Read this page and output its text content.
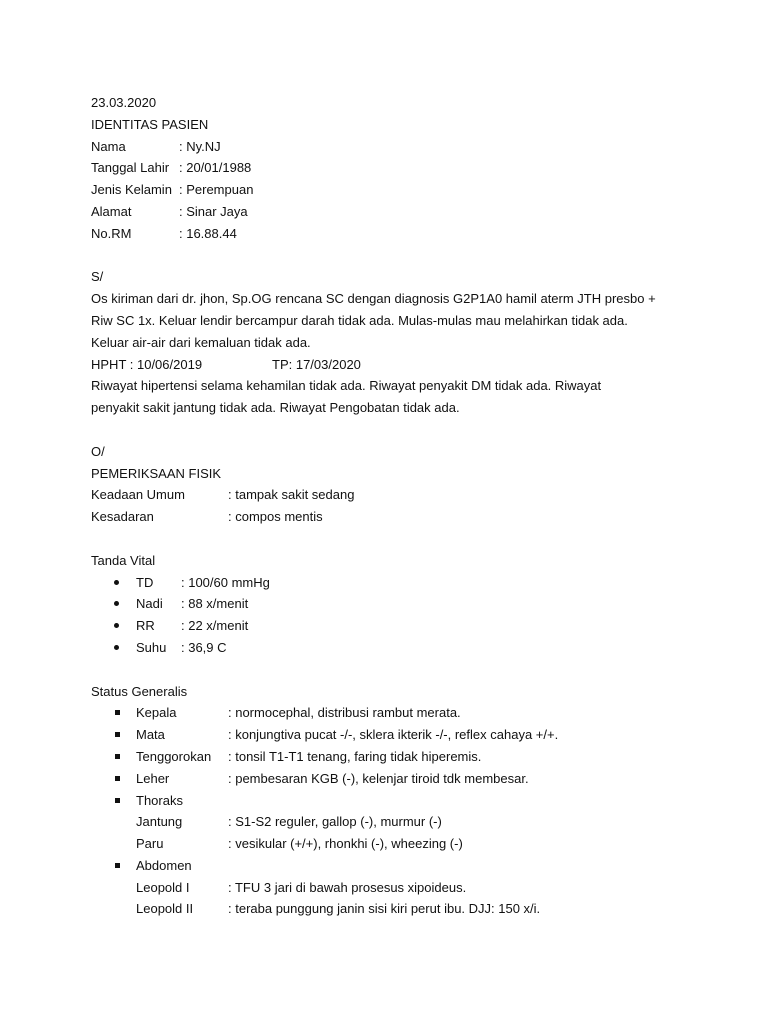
23.03.2020
IDENTITAS PASIEN
Nama	: Ny.NJ
Tanggal Lahir : 20/01/1988
Jenis Kelamin : Perempuan
Alamat	: Sinar Jaya
No.RM	: 16.88.44
S/
Os kiriman dari dr. jhon, Sp.OG rencana SC dengan diagnosis G2P1A0 hamil aterm JTH presbo +
Riw SC 1x. Keluar lendir bercampur darah tidak ada. Mulas-mulas mau melahirkan tidak ada.
Keluar air-air dari kemaluan tidak ada.
HPHT : 10/06/2019	TP: 17/03/2020
Riwayat hipertensi selama kehamilan tidak ada. Riwayat penyakit DM tidak ada. Riwayat
penyakit sakit jantung tidak ada. Riwayat Pengobatan tidak ada.
O/
PEMERIKSAAN FISIK
Keadaan Umum	: tampak sakit sedang
Kesadaran	: compos mentis
Tanda Vital
TD	: 100/60 mmHg
Nadi	: 88 x/menit
RR	: 22 x/menit
Suhu	: 36,9 C
Status Generalis
Kepala	: normocephal, distribusi rambut merata.
Mata	: konjungtiva pucat -/-, sklera ikterik -/-, reflex cahaya +/+.
Tenggorokan	: tonsil T1-T1 tenang, faring tidak hiperemis.
Leher	: pembesaran KGB (-), kelenjar tiroid tdk membesar.
Thoraks
Jantung	: S1-S2 reguler, gallop (-), murmur (-)
Paru	: vesikular (+/+), rhonkhi (-), wheezing (-)
Abdomen
Leopold I	: TFU 3 jari di bawah prosesus xipoideus.
Leopold II	: teraba punggung janin sisi kiri perut ibu. DJJ: 150 x/i.
